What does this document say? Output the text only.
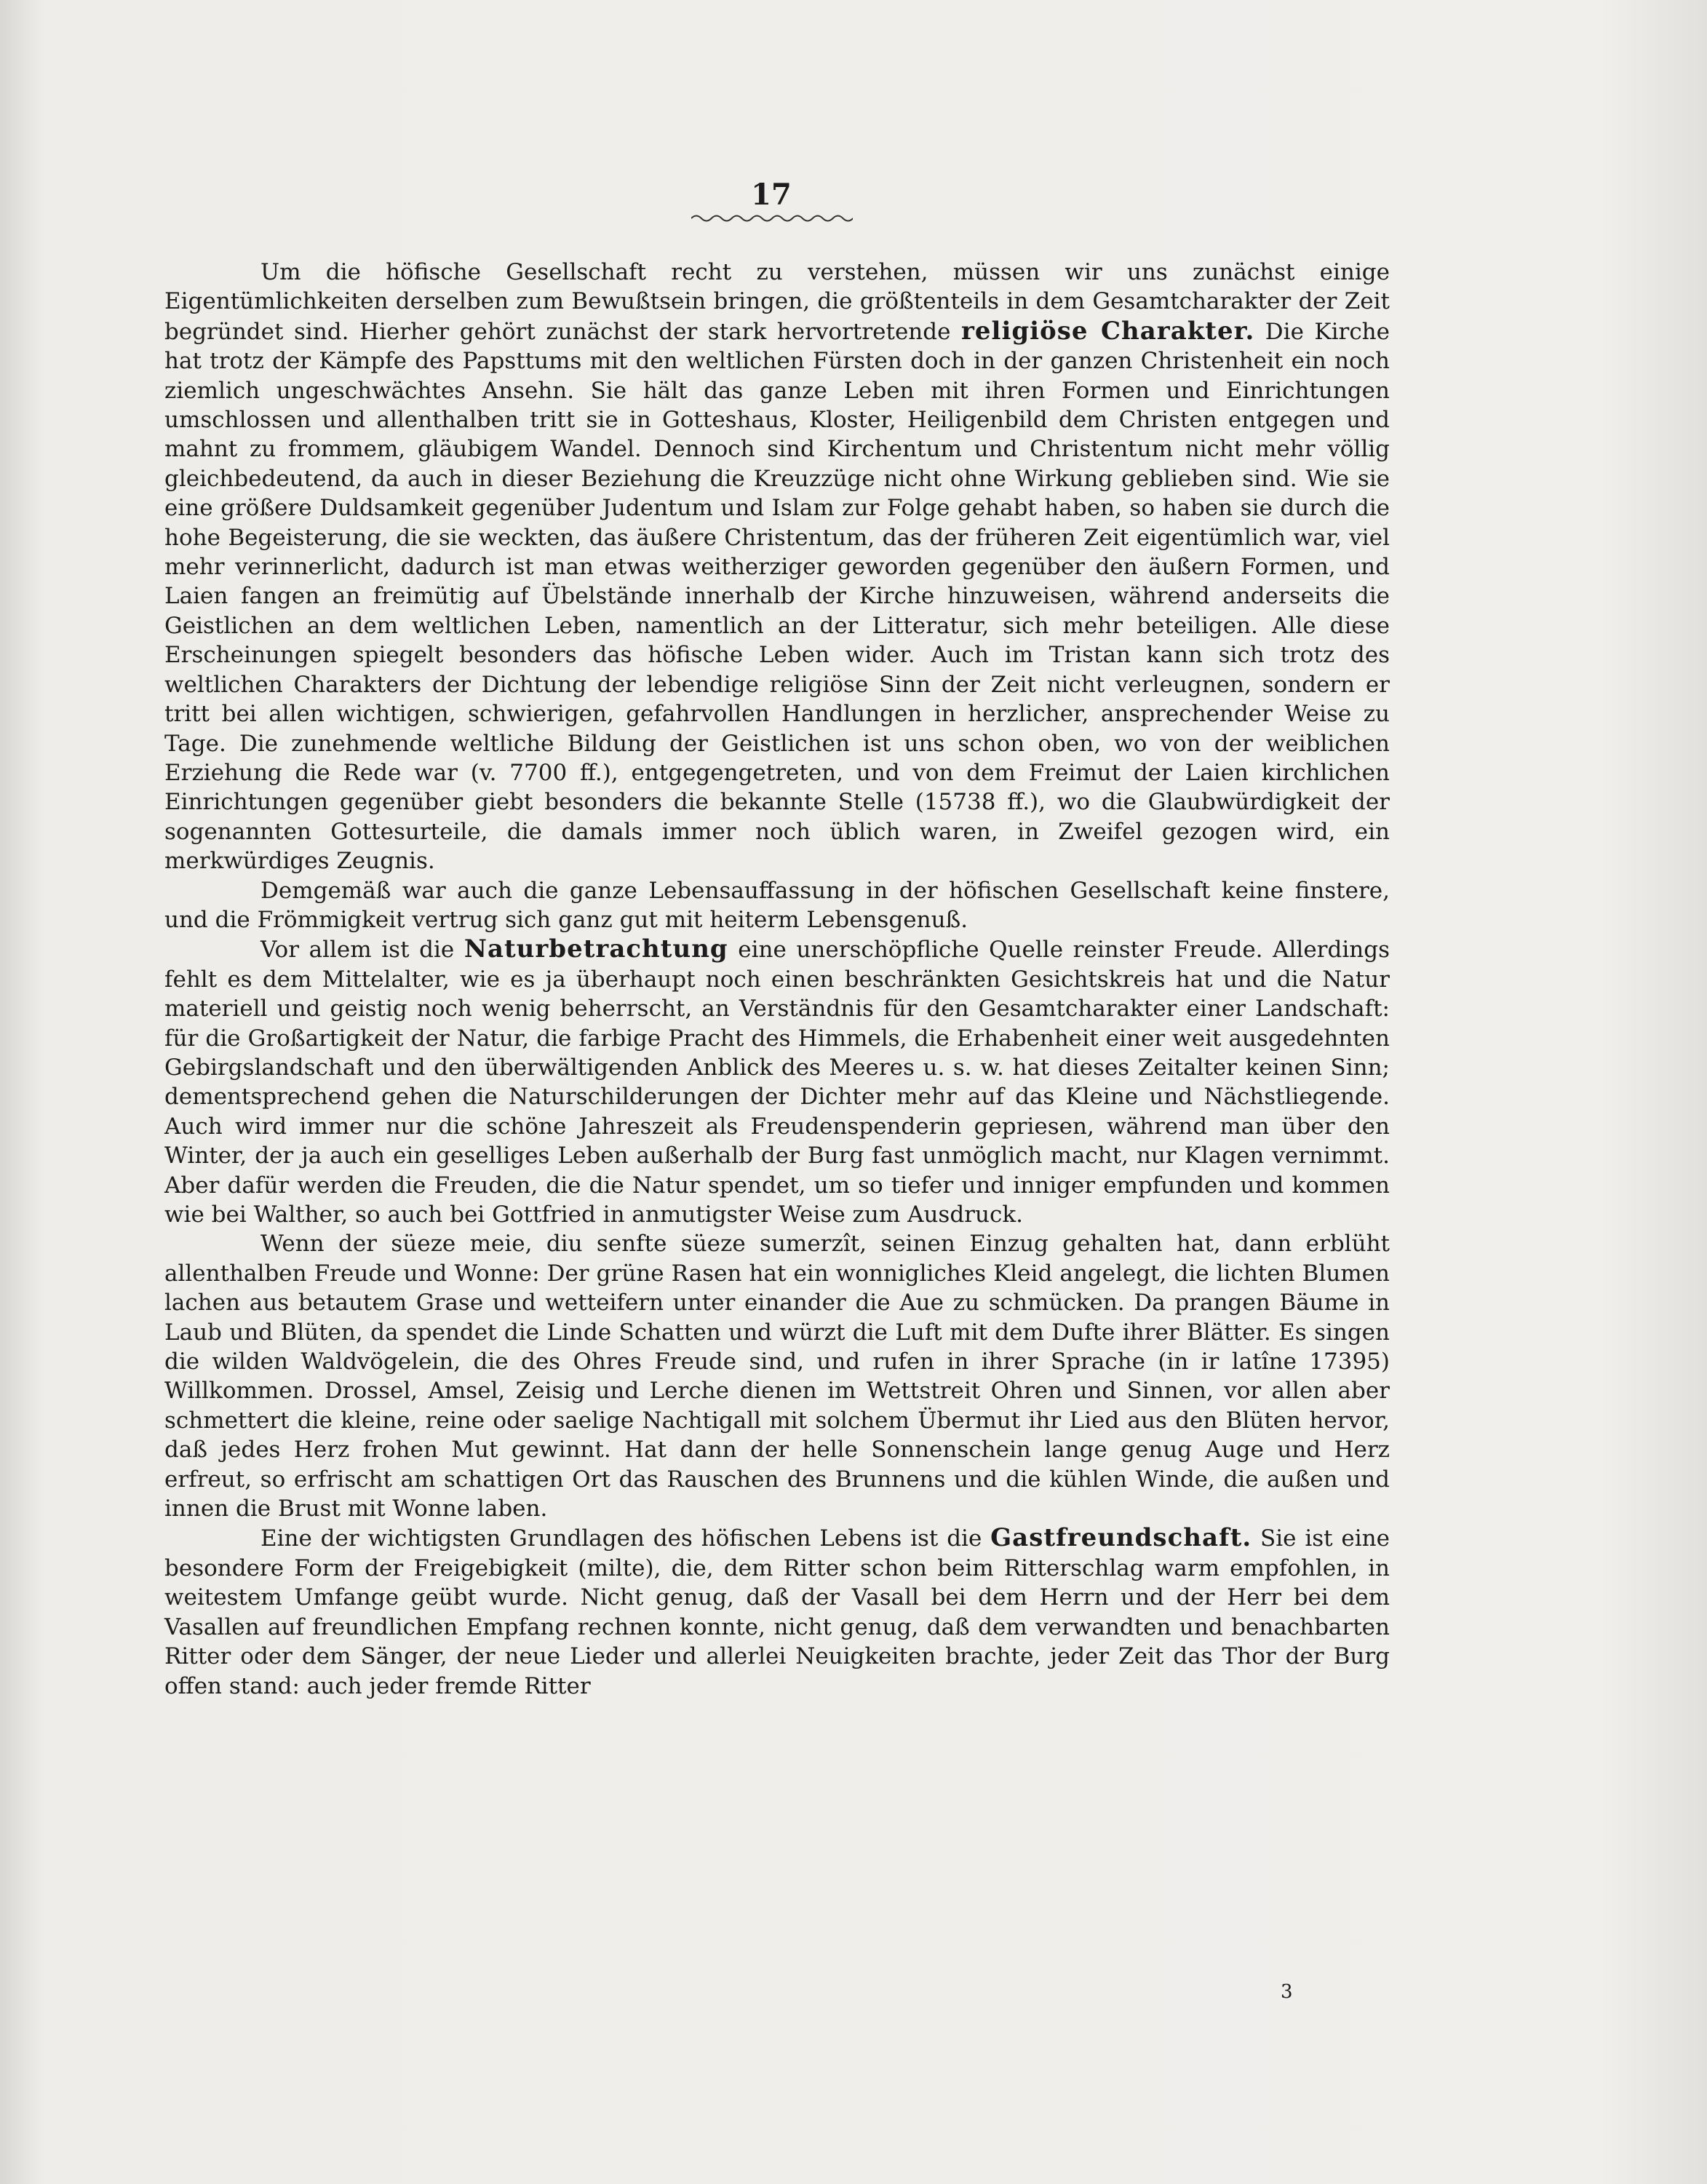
17

Um die höfische Gesellschaft recht zu verstehen, müssen wir uns zunächst einige Eigentümlichkeiten derselben zum Bewußtsein bringen, die größtenteils in dem Gesamtcharakter der Zeit begründet sind. Hierher gehört zunächst der stark hervortretende religiöse Charakter. Die Kirche hat trotz der Kämpfe des Papsttums mit den weltlichen Fürsten doch in der ganzen Christenheit ein noch ziemlich ungeschwächtes Ansehn. Sie hält das ganze Leben mit ihren Formen und Einrichtungen umschlossen und allenthalben tritt sie in Gotteshaus, Kloster, Heiligenbild dem Christen entgegen und mahnt zu frommem, gläubigem Wandel. Dennoch sind Kirchentum und Christentum nicht mehr völlig gleichbedeutend, da auch in dieser Beziehung die Kreuzzüge nicht ohne Wirkung geblieben sind. Wie sie eine größere Duldsamkeit gegenüber Judentum und Islam zur Folge gehabt haben, so haben sie durch die hohe Begeisterung, die sie weckten, das äußere Christentum, das der früheren Zeit eigentümlich war, viel mehr verinnerlicht, dadurch ist man etwas weitherziger geworden gegenüber den äußern Formen, und Laien fangen an freimütig auf Übelstände innerhalb der Kirche hinzuweisen, während anderseits die Geistlichen an dem weltlichen Leben, namentlich an der Litteratur, sich mehr beteiligen. Alle diese Erscheinungen spiegelt besonders das höfische Leben wider. Auch im Tristan kann sich trotz des weltlichen Charakters der Dichtung der lebendige religiöse Sinn der Zeit nicht verleugnen, sondern er tritt bei allen wichtigen, schwierigen, gefahrvollen Handlungen in herzlicher, ansprechender Weise zu Tage. Die zunehmende weltliche Bildung der Geistlichen ist uns schon oben, wo von der weiblichen Erziehung die Rede war (v. 7700 ff.), entgegengetreten, und von dem Freimut der Laien kirchlichen Einrichtungen gegenüber giebt besonders die bekannte Stelle (15738 ff.), wo die Glaubwürdigkeit der sogenannten Gottesurteile, die damals immer noch üblich waren, in Zweifel gezogen wird, ein merkwürdiges Zeugnis.

Demgemäß war auch die ganze Lebensauffassung in der höfischen Gesellschaft keine finstere, und die Frömmigkeit vertrug sich ganz gut mit heiterm Lebensgenuß.

Vor allem ist die Naturbetrachtung eine unerschöpfliche Quelle reinster Freude. Allerdings fehlt es dem Mittelalter, wie es ja überhaupt noch einen beschränkten Gesichtskreis hat und die Natur materiell und geistig noch wenig beherrscht, an Verständnis für den Gesamtcharakter einer Landschaft: für die Großartigkeit der Natur, die farbige Pracht des Himmels, die Erhabenheit einer weit ausgedehnten Gebirgslandschaft und den überwältigenden Anblick des Meeres u. s. w. hat dieses Zeitalter keinen Sinn; dementsprechend gehen die Naturschilderungen der Dichter mehr auf das Kleine und Nächstliegende. Auch wird immer nur die schöne Jahreszeit als Freudenspenderin gepriesen, während man über den Winter, der ja auch ein geselliges Leben außerhalb der Burg fast unmöglich macht, nur Klagen vernimmt. Aber dafür werden die Freuden, die die Natur spendet, um so tiefer und inniger empfunden und kommen wie bei Walther, so auch bei Gottfried in anmutigster Weise zum Ausdruck.

Wenn der süeze meie, diu senfte süeze sumerzît, seinen Einzug gehalten hat, dann erblüht allenthalben Freude und Wonne: Der grüne Rasen hat ein wonnigliches Kleid angelegt, die lichten Blumen lachen aus betautem Grase und wetteifern unter einander die Aue zu schmücken. Da prangen Bäume in Laub und Blüten, da spendet die Linde Schatten und würzt die Luft mit dem Dufte ihrer Blätter. Es singen die wilden Waldvögelein, die des Ohres Freude sind, und rufen in ihrer Sprache (in ir latîne 17395) Willkommen. Drossel, Amsel, Zeisig und Lerche dienen im Wettstreit Ohren und Sinnen, vor allen aber schmettert die kleine, reine oder saelige Nachtigall mit solchem Übermut ihr Lied aus den Blüten hervor, daß jedes Herz frohen Mut gewinnt. Hat dann der helle Sonnenschein lange genug Auge und Herz erfreut, so erfrischt am schattigen Ort das Rauschen des Brunnens und die kühlen Winde, die außen und innen die Brust mit Wonne laben.

Eine der wichtigsten Grundlagen des höfischen Lebens ist die Gastfreundschaft. Sie ist eine besondere Form der Freigebigkeit (milte), die, dem Ritter schon beim Ritterschlag warm empfohlen, in weitestem Umfange geübt wurde. Nicht genug, daß der Vasall bei dem Herrn und der Herr bei dem Vasallen auf freundlichen Empfang rechnen konnte, nicht genug, daß dem verwandten und benachbarten Ritter oder dem Sänger, der neue Lieder und allerlei Neuigkeiten brachte, jeder Zeit das Thor der Burg offen stand: auch jeder fremde Ritter

3
